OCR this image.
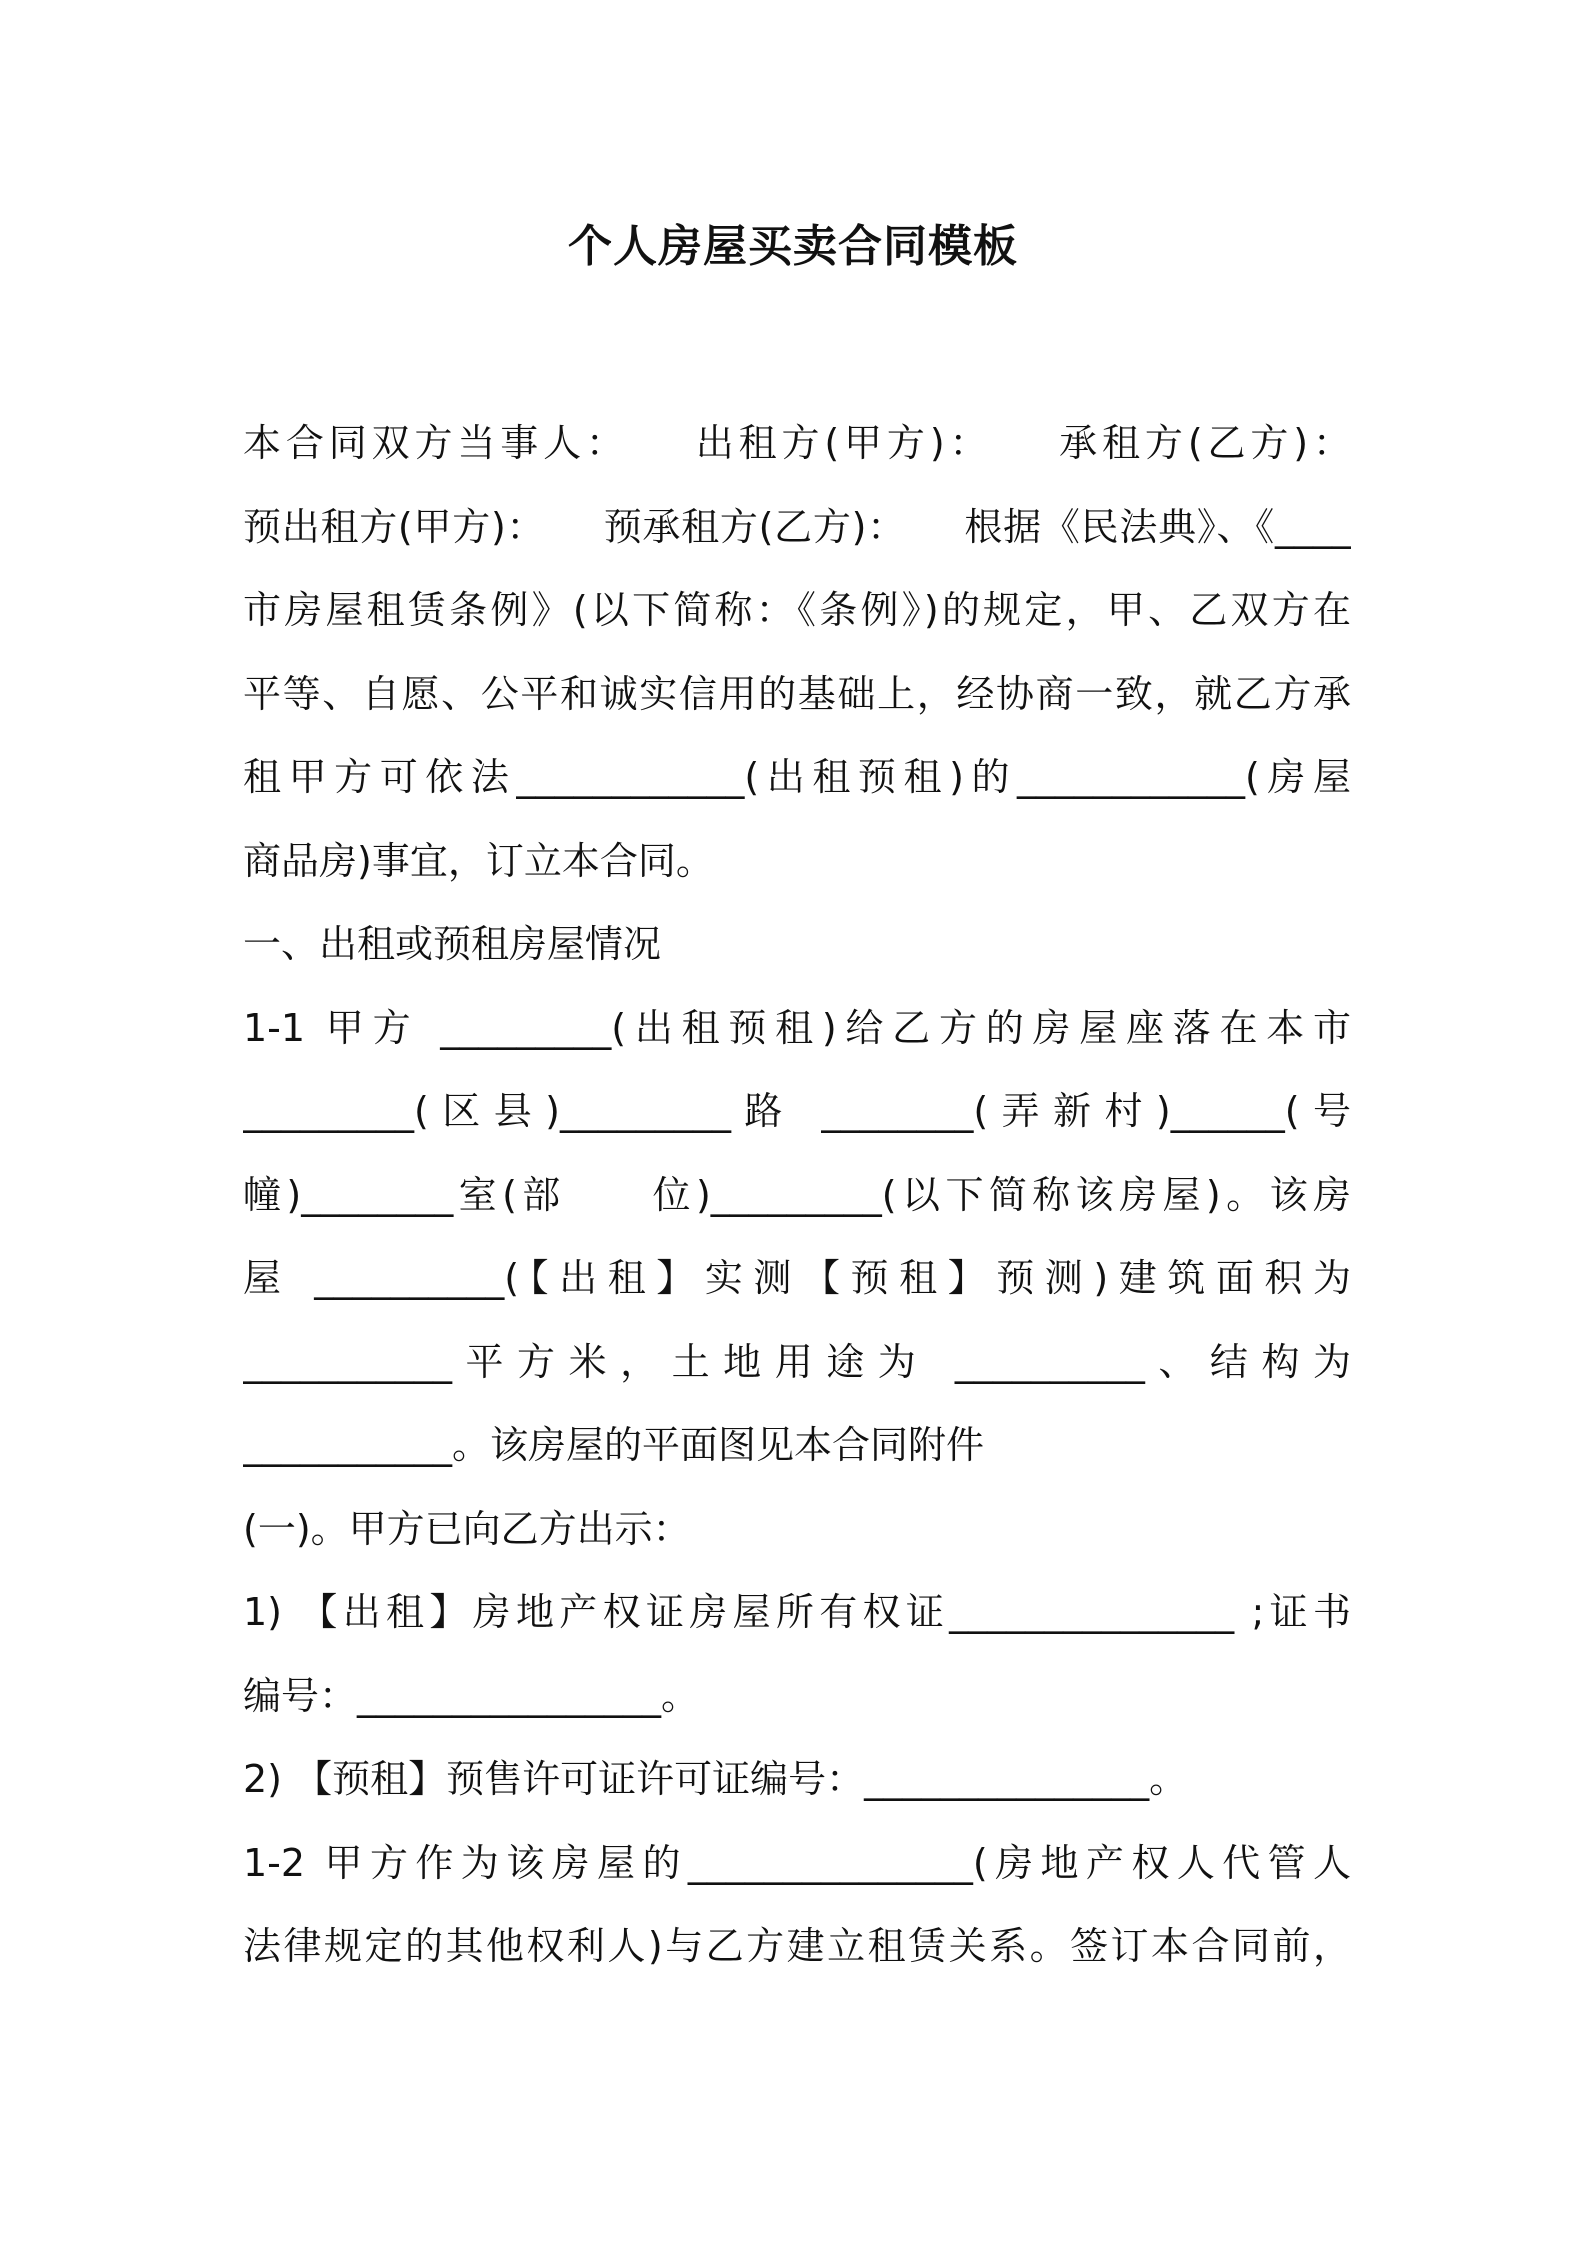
个人房屋买卖合同模板
本合同双方当事人：　　出租方(甲方)：　　承租方(乙方)：
预出租方(甲方)：　　预承租方(乙方)：　　根据《民法典》、《____
市房屋租赁条例》(以下简称：《条例》)的规定，甲、乙双方在
平等、自愿、公平和诚实信用的基础上，经协商一致，就乙方承
租甲方可依法____________(出租预租)的____________(房屋
商品房)事宜，订立本合同。
一、出租或预租房屋情况
1-1 甲方 _________(出租预租)给乙方的房屋座落在本市
_________(区县)_________路 ________(弄新村)______(号
幢)________室(部　　位)_________(以下简称该房屋)。该房
屋 __________(【出租】实测【预租】预测)建筑面积为
___________平方米，土地用途为 __________、结构为
___________。该房屋的平面图见本合同附件
(一)。甲方已向乙方出示：
1) 【出租】房地产权证房屋所有权证_______________ ;证书
编号：________________。
2) 【预租】预售许可证许可证编号：_______________。
1-2 甲方作为该房屋的_______________(房地产权人代管人
法律规定的其他权利人)与乙方建立租赁关系。签订本合同前，
